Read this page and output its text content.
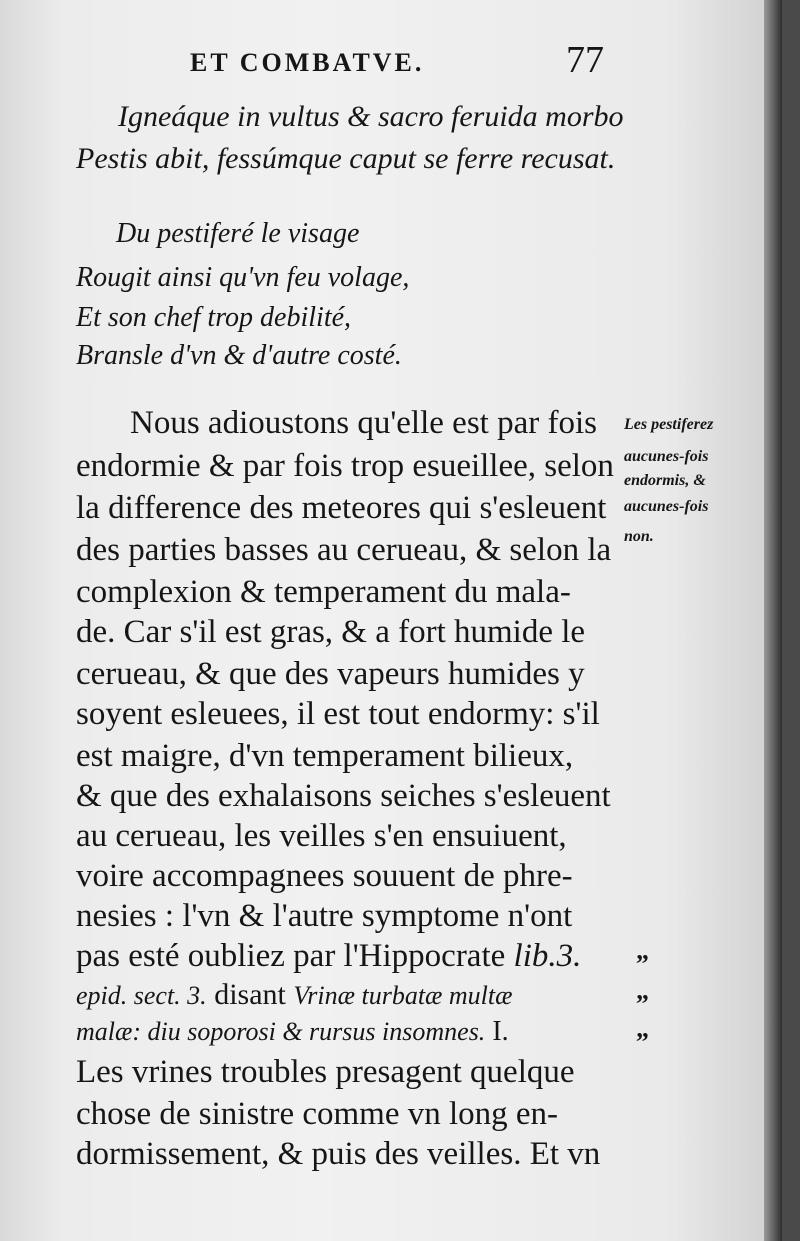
ET COMBATVE.	77
Igneáque in vultus & sacro feruida morbo
Pestis abit, fessúmque caput se ferre recusat.
Du pestiferé le visage
Rougit ainsi qu'vn feu volage,
Et son chef trop debilité,
Bransle d'vn & d'autre costé.
Nous adioustons qu'elle est par fois
endormie & par fois trop esueillee, selon
la difference des meteores qui s'esleuent
des parties basses au cerueau, & selon la
complexion & temperament du mala-
de. Car s'il est gras, & a fort humide le
cerueau, & que des vapeurs humides y
soyent esleuees, il est tout endormy: s'il
est maigre, d'vn temperament bilieux,
& que des exhalaisons seiches s'esleuent
au cerueau, les veilles s'en ensuiuent,
voire accompagnees souuent de phre-
nesies : l'vn & l'autre symptome n'ont
pas esté oubliez par l'Hippocrate lib.3.
epid. sect. 3. disant Vrinæ turbatæ multæ
malæ: diu soporosi & rursus insomnes. I.
Les vrines troubles presagent quelque
chose de sinistre comme vn long en-
dormissement, & puis des veilles. Et vn
Les pestiferez
aucunes-fois
endormis, &
aucunes-fois
non.
„
„
„
